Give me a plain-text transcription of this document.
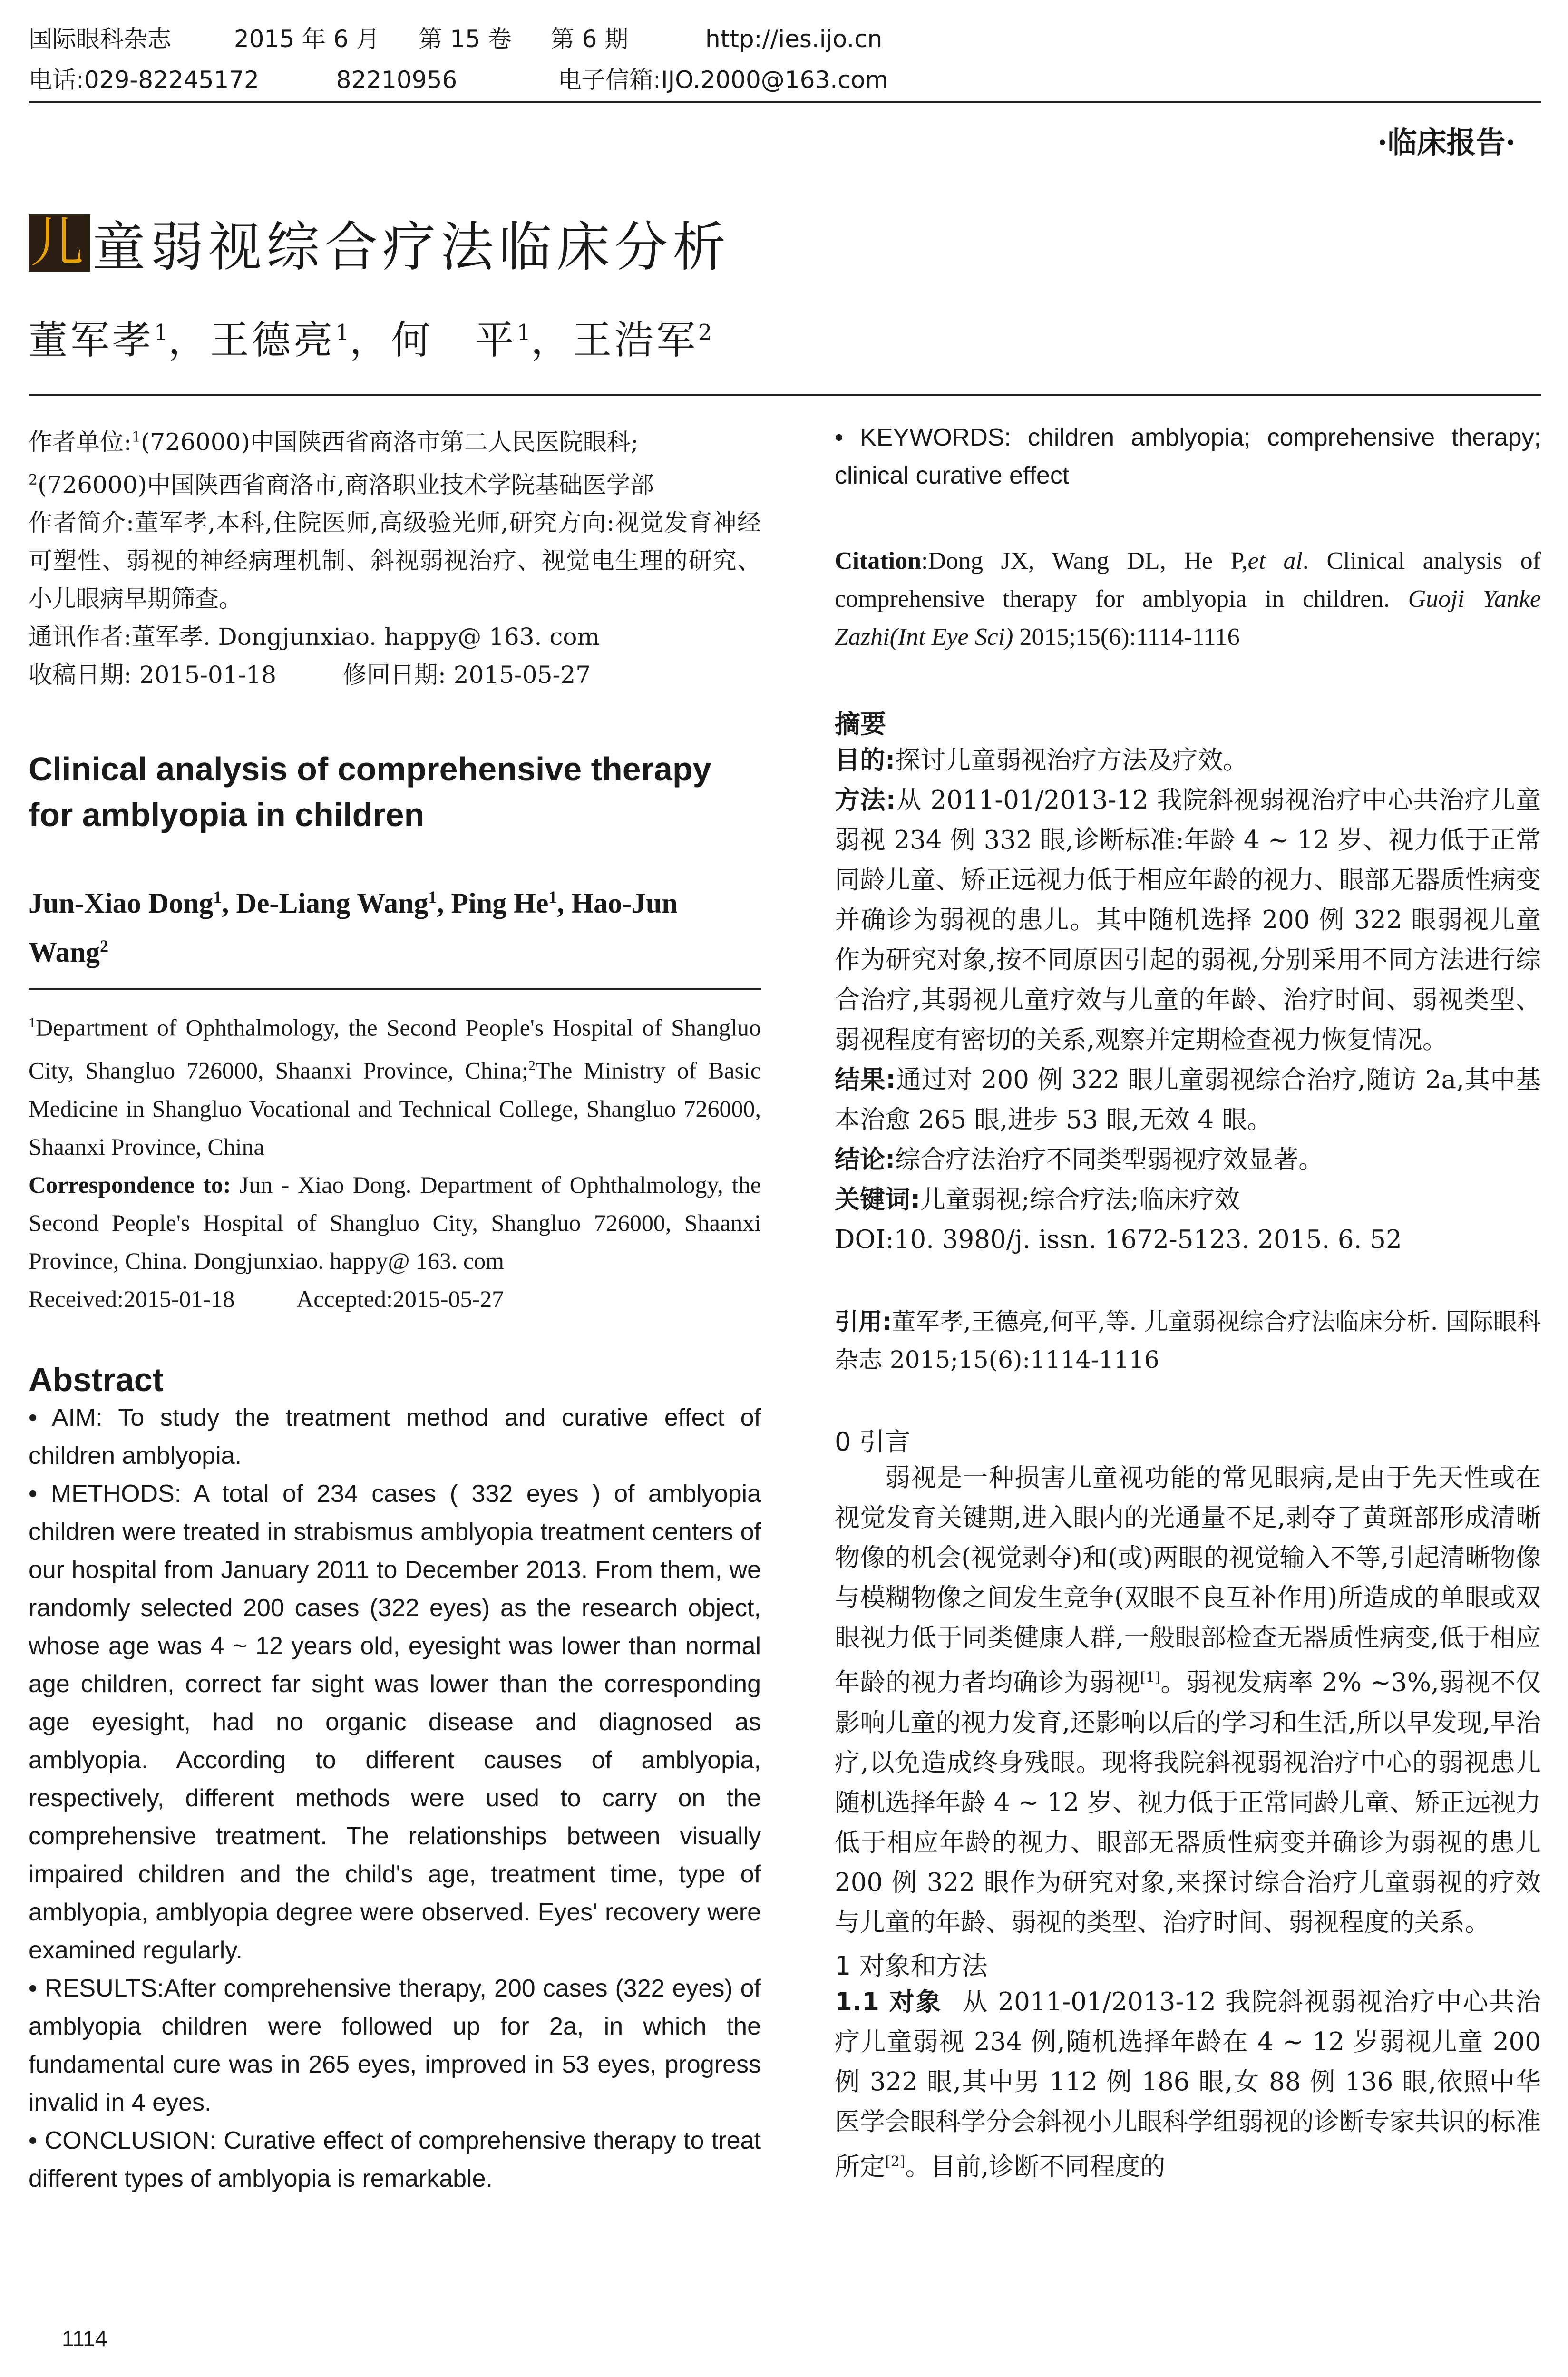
国际眼科杂志	2015 年 6 月 第 15 卷 第 6 期	http://ies.ijo.cn
电话:029-82245172	82210956	电子信箱:IJO.2000@163.com
·临床报告·
儿 童弱视综合疗法临床分析
董军孝$^1$，王德亮$^1$，何　平$^1$，王浩军$^2$

作者单位:$^1$(726000)中国陕西省商洛市第二人民医院眼科;
$^2$(726000)中国陕西省商洛市,商洛职业技术学院基础医学部

作者简介:董军孝,本科,住院医师,高级验光师,研究方向:视觉发育神经可塑性、弱视的神经病理机制、斜视弱视治疗、视觉电生理的研究、小儿眼病早期筛查。

通讯作者:董军孝. Dongjunxiao. happy@ 163. com

收稿日期: 2015-01-18	修回日期: 2015-05-27

Clinical analysis of comprehensive therapy for amblyopia in children

Jun-Xiao Dong$^1$, De-Liang Wang$^1$, Ping He$^1$, Hao-Jun Wang$^2$

$^1$Department of Ophthalmology, the Second People's Hospital of Shangluo City, Shangluo 726000, Shaanxi Province, China;$^2$The Ministry of Basic Medicine in Shangluo Vocational and Technical College, Shangluo 726000, Shaanxi Province, China

Correspondence to: Jun - Xiao Dong. Department of Ophthalmology, the Second People's Hospital of Shangluo City, Shangluo 726000, Shaanxi Province, China. Dongjunxiao. happy@ 163. com

Received:2015-01-18	Accepted:2015-05-27

Abstract

• AIM: To study the treatment method and curative effect of children amblyopia.

• METHODS: A total of 234 cases ( 332 eyes ) of amblyopia children were treated in strabismus amblyopia treatment centers of our hospital from January 2011 to December 2013. From them, we randomly selected 200 cases (322 eyes) as the research object, whose age was 4 ~ 12 years old, eyesight was lower than normal age children, correct far sight was lower than the corresponding age eyesight, had no organic disease and diagnosed as amblyopia. According to different causes of amblyopia, respectively, different methods were used to carry on the comprehensive treatment. The relationships between visually impaired children and the child's age, treatment time, type of amblyopia, amblyopia degree were observed. Eyes' recovery were examined regularly.

• RESULTS:After comprehensive therapy, 200 cases (322 eyes) of amblyopia children were followed up for 2a, in which the fundamental cure was in 265 eyes, improved in 53 eyes, progress invalid in 4 eyes.

• CONCLUSION: Curative effect of comprehensive therapy to treat different types of amblyopia is remarkable.

1114

• KEYWORDS: children amblyopia; comprehensive therapy; clinical curative effect

Citation:Dong JX, Wang DL, He P,et al. Clinical analysis of comprehensive therapy for amblyopia in children. Guoji Yanke Zazhi(Int Eye Sci) 2015;15(6):1114-1116

摘要

目的:探讨儿童弱视治疗方法及疗效。

方法:从 2011-01/2013-12 我院斜视弱视治疗中心共治疗儿童弱视 234 例 332 眼,诊断标准:年龄 4 ~ 12 岁、视力低于正常同龄儿童、矫正远视力低于相应年龄的视力、眼部无器质性病变并确诊为弱视的患儿。其中随机选择 200 例 322 眼弱视儿童作为研究对象,按不同原因引起的弱视,分别采用不同方法进行综合治疗,其弱视儿童疗效与儿童的年龄、治疗时间、弱视类型、弱视程度有密切的关系,观察并定期检查视力恢复情况。

结果:通过对 200 例 322 眼儿童弱视综合治疗,随访 2a,其中基本治愈 265 眼,进步 53 眼,无效 4 眼。

结论:综合疗法治疗不同类型弱视疗效显著。

关键词:儿童弱视;综合疗法;临床疗效

DOI:10. 3980/j. issn. 1672-5123. 2015. 6. 52

引用:董军孝,王德亮,何平,等. 儿童弱视综合疗法临床分析. 国际眼科杂志 2015;15(6):1114-1116

0 引言

弱视是一种损害儿童视功能的常见眼病,是由于先天性或在视觉发育关键期,进入眼内的光通量不足,剥夺了黄斑部形成清晰物像的机会(视觉剥夺)和(或)两眼的视觉输入不等,引起清晰物像与模糊物像之间发生竞争(双眼不良互补作用)所造成的单眼或双眼视力低于同类健康人群,一般眼部检查无器质性病变,低于相应年龄的视力者均确诊为弱视[1]。弱视发病率 2% ~3%,弱视不仅影响儿童的视力发育,还影响以后的学习和生活,所以早发现,早治疗,以免造成终身残眼。现将我院斜视弱视治疗中心的弱视患儿随机选择年龄 4 ~ 12 岁、视力低于正常同龄儿童、矫正远视力低于相应年龄的视力、眼部无器质性病变并确诊为弱视的患儿 200 例 322 眼作为研究对象,来探讨综合治疗儿童弱视的疗效与儿童的年龄、弱视的类型、治疗时间、弱视程度的关系。

1 对象和方法

1.1 对象 从 2011-01/2013-12 我院斜视弱视治疗中心共治疗儿童弱视 234 例,随机选择年龄在 4 ~ 12 岁弱视儿童 200 例 322 眼,其中男 112 例 186 眼,女 88 例 136 眼,依照中华医学会眼科学分会斜视小儿眼科学组弱视的诊断专家共识的标准所定[2]。目前,诊断不同程度的
